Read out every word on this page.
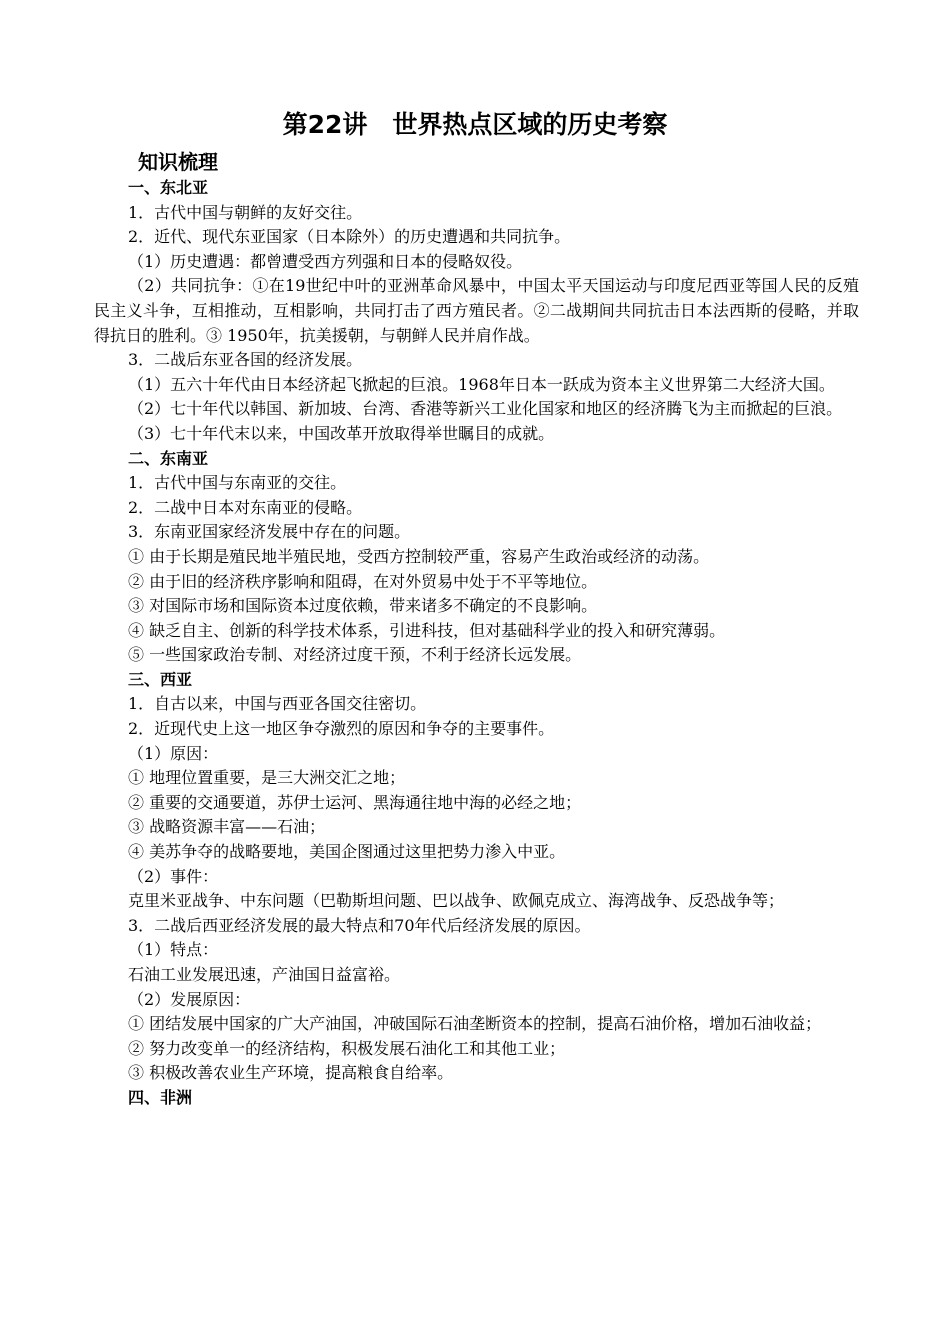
第22讲　世界热点区域的历史考察
知识梳理

一、东北亚

1．古代中国与朝鲜的友好交往。

2．近代、现代东亚国家（日本除外）的历史遭遇和共同抗争。

（1）历史遭遇：都曾遭受西方列强和日本的侵略奴役。

（2）共同抗争：①在19世纪中叶的亚洲革命风暴中，中国太平天国运动与印度尼西亚等国人民的反殖民主义斗争，互相推动，互相影响，共同打击了西方殖民者。②二战期间共同抗击日本法西斯的侵略，并取得抗日的胜利。③ 1950年，抗美援朝，与朝鲜人民并肩作战。

3．二战后东亚各国的经济发展。

（1）五六十年代由日本经济起飞掀起的巨浪。1968年日本一跃成为资本主义世界第二大经济大国。

（2）七十年代以韩国、新加坡、台湾、香港等新兴工业化国家和地区的经济腾飞为主而掀起的巨浪。

（3）七十年代末以来，中国改革开放取得举世瞩目的成就。

二、东南亚

1．古代中国与东南亚的交往。

2．二战中日本对东南亚的侵略。

3．东南亚国家经济发展中存在的问题。

① 由于长期是殖民地半殖民地，受西方控制较严重，容易产生政治或经济的动荡。

② 由于旧的经济秩序影响和阻碍，在对外贸易中处于不平等地位。

③ 对国际市场和国际资本过度依赖，带来诸多不确定的不良影响。

④ 缺乏自主、创新的科学技术体系，引进科技，但对基础科学业的投入和研究薄弱。

⑤ 一些国家政治专制、对经济过度干预，不利于经济长远发展。

三、西亚

1．自古以来，中国与西亚各国交往密切。

2．近现代史上这一地区争夺激烈的原因和争夺的主要事件。

（1）原因：

① 地理位置重要，是三大洲交汇之地；

② 重要的交通要道，苏伊士运河、黑海通往地中海的必经之地；

③ 战略资源丰富——石油；

④ 美苏争夺的战略要地，美国企图通过这里把势力渗入中亚。

（2）事件：

克里米亚战争、中东问题（巴勒斯坦问题、巴以战争、欧佩克成立、海湾战争、反恐战争等；

3．二战后西亚经济发展的最大特点和70年代后经济发展的原因。

（1）特点：

石油工业发展迅速，产油国日益富裕。

（2）发展原因：

① 团结发展中国家的广大产油国，冲破国际石油垄断资本的控制，提高石油价格，增加石油收益；

② 努力改变单一的经济结构，积极发展石油化工和其他工业；

③ 积极改善农业生产环境，提高粮食自给率。

四、非洲
